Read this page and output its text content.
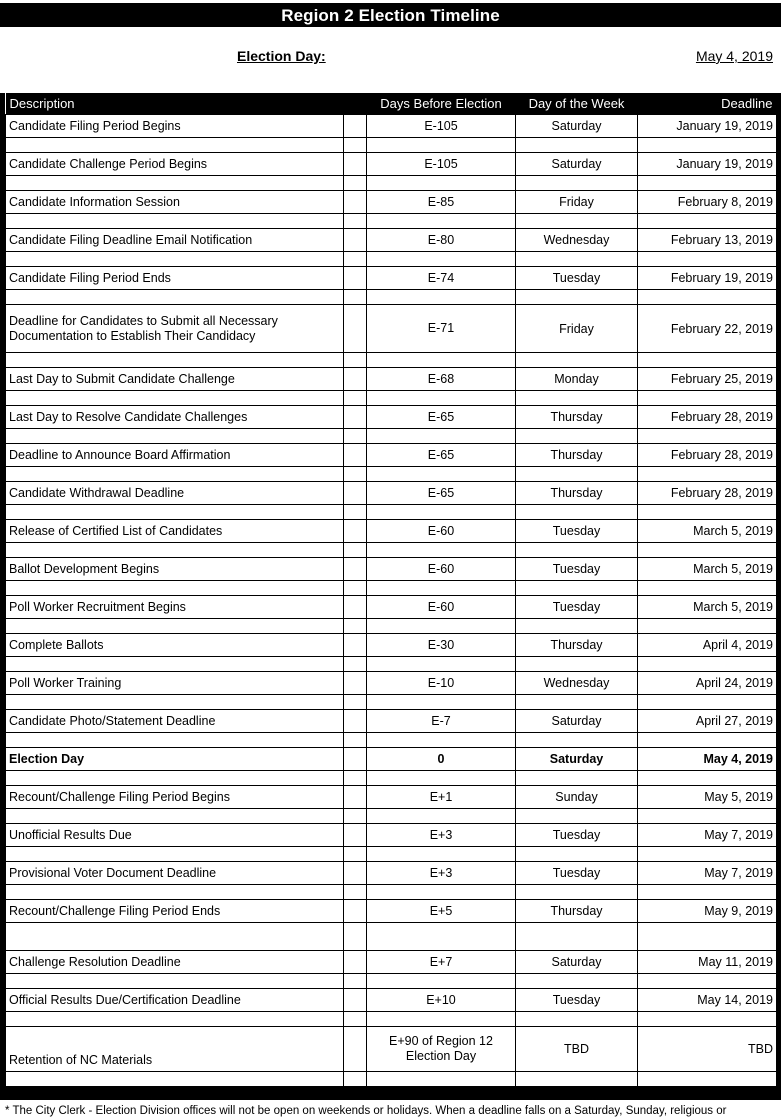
Region 2 Election Timeline
Election Day:	May 4, 2019
Description		Days Before Election	Day of the Week	Deadline
Candidate Filing Period Begins		E-105	Saturday	January 19, 2019

Candidate Challenge Period Begins		E-105	Saturday	January 19, 2019

Candidate Information Session		E-85	Friday	February 8, 2019

Candidate Filing Deadline Email Notification		E-80	Wednesday	February 13, 2019

Candidate Filing Period Ends		E-74	Tuesday	February 19, 2019

Deadline for Candidates to Submit all Necessary Documentation to Establish Their Candidacy		E-71	Friday	February 22, 2019

Last Day to Submit Candidate Challenge		E-68	Monday	February 25, 2019

Last Day to Resolve Candidate Challenges		E-65	Thursday	February 28, 2019

Deadline to Announce Board Affirmation		E-65	Thursday	February 28, 2019

Candidate Withdrawal Deadline		E-65	Thursday	February 28, 2019

Release of Certified List of Candidates		E-60	Tuesday	March 5, 2019

Ballot Development Begins		E-60	Tuesday	March 5, 2019

Poll Worker Recruitment Begins		E-60	Tuesday	March 5, 2019

Complete Ballots		E-30	Thursday	April 4, 2019

Poll Worker Training		E-10	Wednesday	April 24, 2019

Candidate Photo/Statement Deadline		E-7	Saturday	April 27, 2019

Election Day		0	Saturday	May 4, 2019

Recount/Challenge Filing Period Begins		E+1	Sunday	May 5, 2019

Unofficial Results Due		E+3	Tuesday	May 7, 2019

Provisional Voter Document Deadline		E+3	Tuesday	May 7, 2019

Recount/Challenge Filing Period Ends		E+5	Thursday	May 9, 2019

Challenge Resolution Deadline		E+7	Saturday	May 11, 2019

Official Results Due/Certification Deadline		E+10	Tuesday	May 14, 2019

Retention of NC Materials		E+90 of Region 12 Election Day	TBD	TBD

* The City Clerk - Election Division offices will not be open on weekends or holidays. When a deadline falls on a Saturday, Sunday, religious or
